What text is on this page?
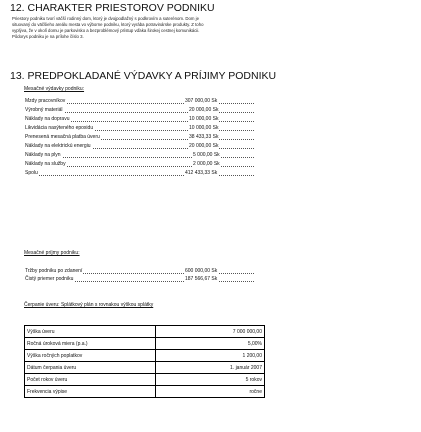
12. CHARAKTER PRIESTOROV PODNIKU
Priestory podniku tvorí väčší rodinný dom, ktorý je dvojpodlažný s podkrovím a suterénom. Dom je
situovaný do väčšieho areálu mesta vo výborne podniku, ktorý vyrába potravinárske produkty. Z toho
vyplýva, že v okolí domu je parkovisko a bezproblémový prístup vďaka širokej cestnej komunikácii.
Pôdorys podniku je na prílohe číslo 3.
13. PREDPOKLADANÉ VÝDAVKY A PRÍJIMY PODNIKU
Mesačné výdavky podniku:
Mzdy pracovníkov	307 000,00 Sk
Výrobný materiál	20 000,00 Sk
Náklady na dopravu	10 000,00 Sk
Likvidácia nasýteného epoxidu	10 000,00 Sk
Prenesená mesačná platba úveru	38 433,33 Sk
Náklady na elektrickú energiu	20 000,00 Sk
Náklady na plyn	5 000,00 Sk
Náklady na služby	2 000,00 Sk
Spolu	412 433,33 Sk
Mesačné príjmy podniku:
Tržby podniku po zdanení	600 000,00 Sk
Čistý priemer podniku	187 566,67 Sk
Čerpanie úveru: Splátkový plán s rovnakou výškou splátky
Výška úveru	7 000 000,00
Ročná úroková miera (p.a.)	5,00%
Výška ročných poplatkov	1 200,00
Dátum čerpania úveru	1. január 2007
Počet rokov úveru	5 rokov
Frekvencia výpise	ročne
